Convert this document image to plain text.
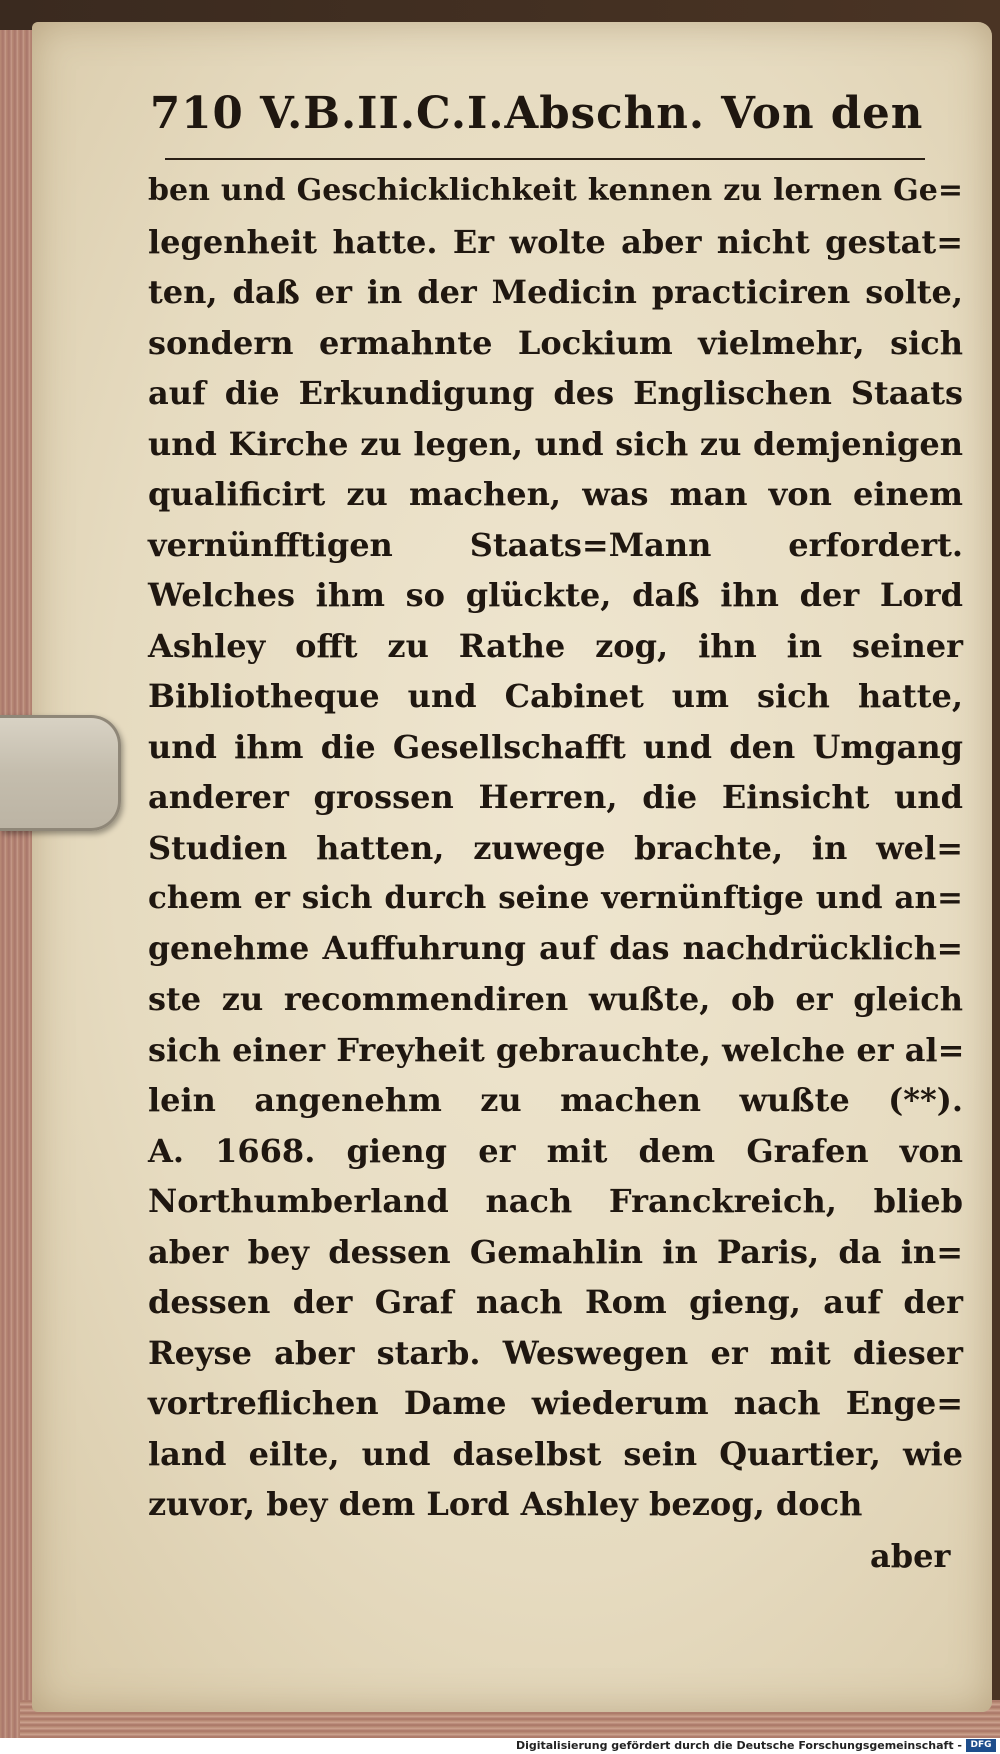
710 V.B.II.C.I.Abschn. Von den
ben und Geschicklichkeit kennen zu lernen Ge=
legenheit hatte. Er wolte aber nicht gestat=
ten, daß er in der Medicin practiciren solte,
sondern ermahnte Lockium vielmehr, sich
auf die Erkundigung des Englischen Staats
und Kirche zu legen, und sich zu demjenigen
qualificirt zu machen, was man von einem
vernünfftigen Staats=Mann erfordert.
Welches ihm so glückte, daß ihn der Lord
Ashley offt zu Rathe zog, ihn in seiner
Bibliotheque und Cabinet um sich hatte,
und ihm die Gesellschafft und den Umgang
anderer grossen Herren, die Einsicht und
Studien hatten, zuwege brachte, in wel=
chem er sich durch seine vernünftige und an=
genehme Auffuhrung auf das nachdrücklich=
ste zu recommendiren wußte, ob er gleich
sich einer Freyheit gebrauchte, welche er al=
lein angenehm zu machen wußte (**).
A. 1668. gieng er mit dem Grafen von
Northumberland nach Franckreich, blieb
aber bey dessen Gemahlin in Paris, da in=
dessen der Graf nach Rom gieng, auf der
Reyse aber starb. Weswegen er mit dieser
vortreflichen Dame wiederum nach Enge=
land eilte, und daselbst sein Quartier, wie
zuvor, bey dem Lord Ashley bezog, doch
aber
Digitalisierung gefördert durch die Deutsche Forschungsgemeinschaft - DFG
